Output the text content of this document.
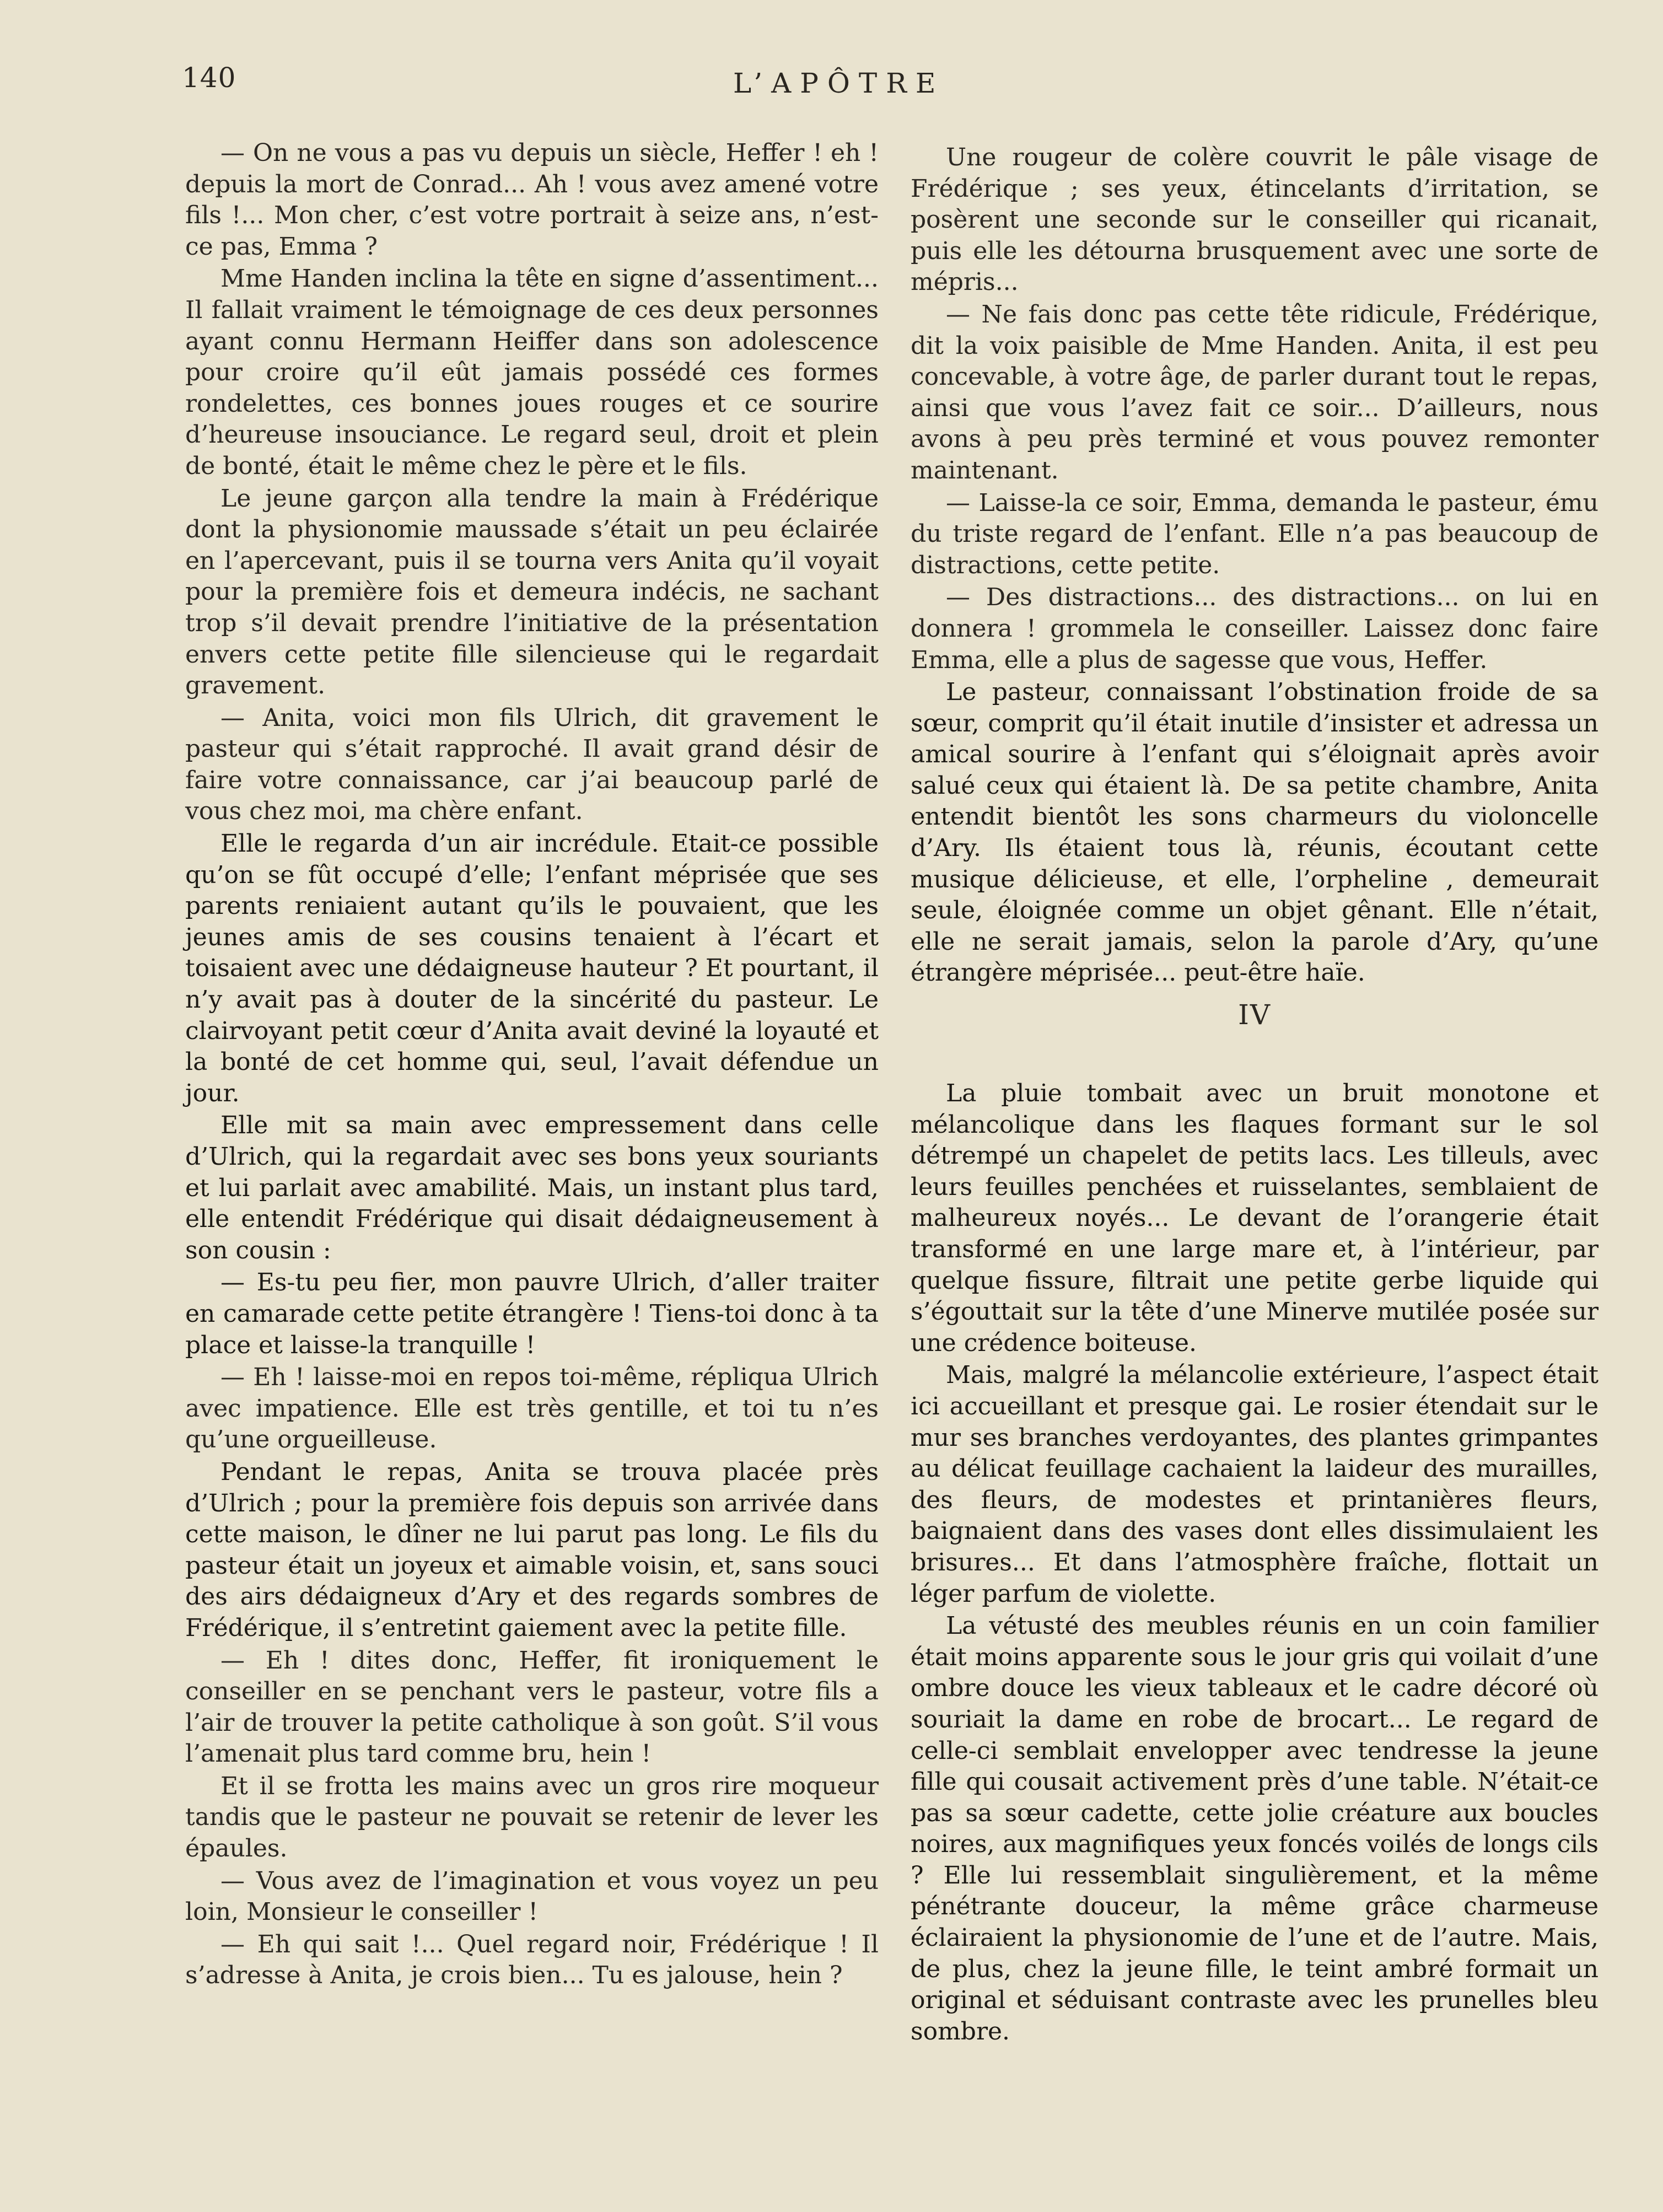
140	L’APÔTRE

— On ne vous a pas vu depuis un siècle, Heffer ! eh ! depuis la mort de Conrad... Ah ! vous avez amené votre fils !... Mon cher, c’est votre portrait à seize ans, n’est-ce pas, Emma ?

Mme Handen inclina la tête en signe d’assentiment... Il fallait vraiment le témoignage de ces deux personnes ayant connu Hermann Heiffer dans son adolescence pour croire qu’il eût jamais possédé ces formes rondelettes, ces bonnes joues rouges et ce sourire d’heureuse insouciance. Le regard seul, droit et plein de bonté, était le même chez le père et le fils.

Le jeune garçon alla tendre la main à Frédérique dont la physionomie maussade s’était un peu éclairée en l’apercevant, puis il se tourna vers Anita qu’il voyait pour la première fois et demeura indécis, ne sachant trop s’il devait prendre l’initiative de la présentation envers cette petite fille silencieuse qui le regardait gravement.

— Anita, voici mon fils Ulrich, dit gravement le pasteur qui s’était rapproché. Il avait grand désir de faire votre connaissance, car j’ai beaucoup parlé de vous chez moi, ma chère enfant.

Elle le regarda d’un air incrédule. Etait-ce possible qu’on se fût occupé d’elle; l’enfant méprisée que ses parents reniaient autant qu’ils le pouvaient, que les jeunes amis de ses cousins tenaient à l’écart et toisaient avec une dédaigneuse hauteur ? Et pourtant, il n’y avait pas à douter de la sincérité du pasteur. Le clairvoyant petit cœur d’Anita avait deviné la loyauté et la bonté de cet homme qui, seul, l’avait défendue un jour.

Elle mit sa main avec empressement dans celle d’Ulrich, qui la regardait avec ses bons yeux souriants et lui parlait avec amabilité. Mais, un instant plus tard, elle entendit Frédérique qui disait dédaigneusement à son cousin :

— Es-tu peu fier, mon pauvre Ulrich, d’aller traiter en camarade cette petite étrangère ! Tiens-toi donc à ta place et laisse-la tranquille !

— Eh ! laisse-moi en repos toi-même, répliqua Ulrich avec impatience. Elle est très gentille, et toi tu n’es qu’une orgueilleuse.

Pendant le repas, Anita se trouva placée près d’Ulrich ; pour la première fois depuis son arrivée dans cette maison, le dîner ne lui parut pas long. Le fils du pasteur était un joyeux et aimable voisin, et, sans souci des airs dédaigneux d’Ary et des regards sombres de Frédérique, il s’entretint gaiement avec la petite fille.

— Eh ! dites donc, Heffer, fit ironiquement le conseiller en se penchant vers le pasteur, votre fils a l’air de trouver la petite catholique à son goût. S’il vous l’amenait plus tard comme bru, hein !

Et il se frotta les mains avec un gros rire moqueur tandis que le pasteur ne pouvait se retenir de lever les épaules.

— Vous avez de l’imagination et vous voyez un peu loin, Monsieur le conseiller !

— Eh qui sait !... Quel regard noir, Frédérique ! Il s’adresse à Anita, je crois bien... Tu es jalouse, hein ?

Une rougeur de colère couvrit le pâle visage de Frédérique ; ses yeux, étincelants d’irritation, se posèrent une seconde sur le conseiller qui ricanait, puis elle les détourna brusquement avec une sorte de mépris...

— Ne fais donc pas cette tête ridicule, Frédérique, dit la voix paisible de Mme Handen. Anita, il est peu concevable, à votre âge, de parler durant tout le repas, ainsi que vous l’avez fait ce soir... D’ailleurs, nous avons à peu près terminé et vous pouvez remonter maintenant.

— Laisse-la ce soir, Emma, demanda le pasteur, ému du triste regard de l’enfant. Elle n’a pas beaucoup de distractions, cette petite.

— Des distractions... des distractions... on lui en donnera ! grommela le conseiller. Laissez donc faire Emma, elle a plus de sagesse que vous, Heffer.

Le pasteur, connaissant l’obstination froide de sa sœur, comprit qu’il était inutile d’insister et adressa un amical sourire à l’enfant qui s’éloignait après avoir salué ceux qui étaient là. De sa petite chambre, Anita entendit bientôt les sons charmeurs du violoncelle d’Ary. Ils étaient tous là, réunis, écoutant cette musique délicieuse, et elle, l’orpheline , demeurait seule, éloignée comme un objet gênant. Elle n’était, elle ne serait jamais, selon la parole d’Ary, qu’une étrangère méprisée... peut-être haïe.

IV

La pluie tombait avec un bruit monotone et mélancolique dans les flaques formant sur le sol détrempé un chapelet de petits lacs. Les tilleuls, avec leurs feuilles penchées et ruisselantes, semblaient de malheureux noyés... Le devant de l’orangerie était transformé en une large mare et, à l’intérieur, par quelque fissure, filtrait une petite gerbe liquide qui s’égouttait sur la tête d’une Minerve mutilée posée sur une crédence boiteuse.

Mais, malgré la mélancolie extérieure, l’aspect était ici accueillant et presque gai. Le rosier étendait sur le mur ses branches verdoyantes, des plantes grimpantes au délicat feuillage cachaient la laideur des murailles, des fleurs, de modestes et printanières fleurs, baignaient dans des vases dont elles dissimulaient les brisures... Et dans l’atmosphère fraîche, flottait un léger parfum de violette.

La vétusté des meubles réunis en un coin familier était moins apparente sous le jour gris qui voilait d’une ombre douce les vieux tableaux et le cadre décoré où souriait la dame en robe de brocart... Le regard de celle-ci semblait envelopper avec tendresse la jeune fille qui cousait activement près d’une table. N’était-ce pas sa sœur cadette, cette jolie créature aux boucles noires, aux magnifiques yeux foncés voilés de longs cils ? Elle lui ressemblait singulièrement, et la même pénétrante douceur, la même grâce charmeuse éclairaient la physionomie de l’une et de l’autre. Mais, de plus, chez la jeune fille, le teint ambré formait un original et séduisant contraste avec les prunelles bleu sombre.
